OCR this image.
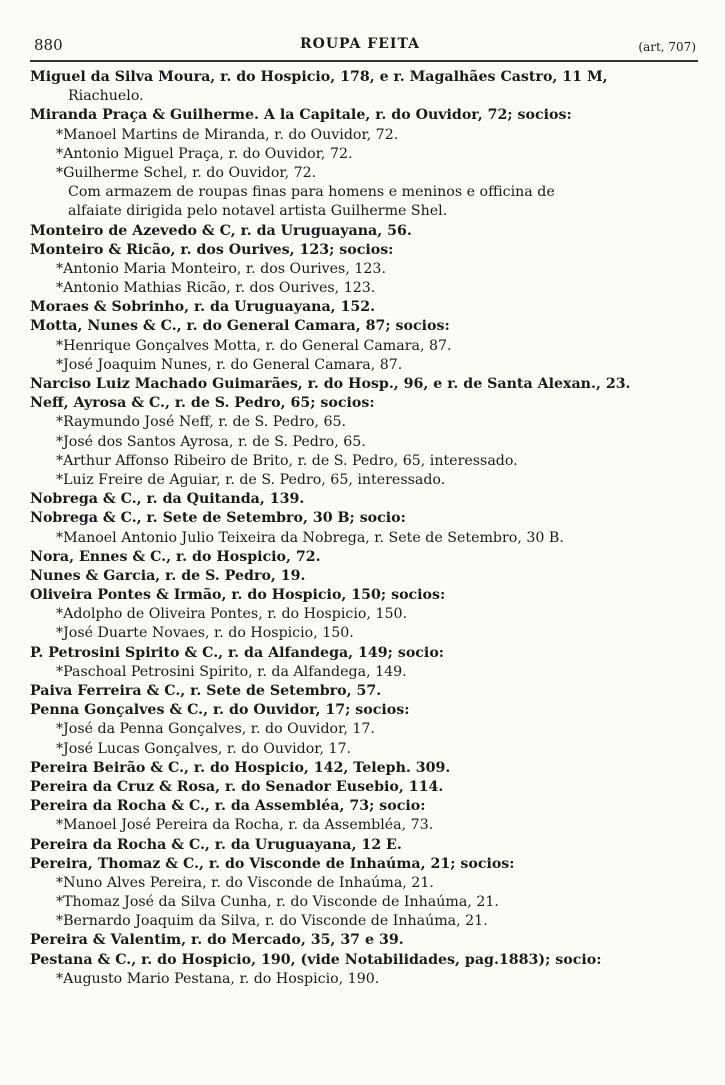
880	ROUPA FEITA	(art, 707)
Miguel da Silva Moura, r. do Hospicio, 178, e r. Magalhães Castro, 11 M,
Riachuelo.
Miranda Praça & Guilherme. A la Capitale, r. do Ouvidor, 72; socios:
*Manoel Martins de Miranda, r. do Ouvidor, 72.
*Antonio Miguel Praça, r. do Ouvidor, 72.
*Guilherme Schel, r. do Ouvidor, 72.
Com armazem de roupas finas para homens e meninos e officina de
alfaiate dirigida pelo notavel artista Guilherme Shel.
Monteiro de Azevedo & C, r. da Uruguayana, 56.
Monteiro & Ricão, r. dos Ourives, 123; socios:
*Antonio Maria Monteiro, r. dos Ourives, 123.
*Antonio Mathias Ricão, r. dos Ourives, 123.
Moraes & Sobrinho, r. da Uruguayana, 152.
Motta, Nunes & C., r. do General Camara, 87; socios:
*Henrique Gonçalves Motta, r. do General Camara, 87.
*José Joaquim Nunes, r. do General Camara, 87.
Narciso Luiz Machado Guimarães, r. do Hosp., 96, e r. de Santa Alexan., 23.
Neff, Ayrosa & C., r. de S. Pedro, 65; socios:
*Raymundo José Neff, r. de S. Pedro, 65.
*José dos Santos Ayrosa, r. de S. Pedro, 65.
*Arthur Affonso Ribeiro de Brito, r. de S. Pedro, 65, interessado.
*Luiz Freire de Aguiar, r. de S. Pedro, 65, interessado.
Nobrega & C., r. da Quitanda, 139.
Nobrega & C., r. Sete de Setembro, 30 B; socio:
*Manoel Antonio Julio Teixeira da Nobrega, r. Sete de Setembro, 30 B.
Nora, Ennes & C., r. do Hospicio, 72.
Nunes & Garcia, r. de S. Pedro, 19.
Oliveira Pontes & Irmão, r. do Hospicio, 150; socios:
*Adolpho de Oliveira Pontes, r. do Hospicio, 150.
*José Duarte Novaes, r. do Hospicio, 150.
P. Petrosini Spirito & C., r. da Alfandega, 149; socio:
*Paschoal Petrosini Spirito, r. da Alfandega, 149.
Paiva Ferreira & C., r. Sete de Setembro, 57.
Penna Gonçalves & C., r. do Ouvidor, 17; socios:
*José da Penna Gonçalves, r. do Ouvidor, 17.
*José Lucas Gonçalves, r. do Ouvidor, 17.
Pereira Beirão & C., r. do Hospicio, 142, Teleph. 309.
Pereira da Cruz & Rosa, r. do Senador Eusebio, 114.
Pereira da Rocha & C., r. da Assembléa, 73; socio:
*Manoel José Pereira da Rocha, r. da Assembléa, 73.
Pereira da Rocha & C., r. da Uruguayana, 12 E.
Pereira, Thomaz & C., r. do Visconde de Inhaúma, 21; socios:
*Nuno Alves Pereira, r. do Visconde de Inhaúma, 21.
*Thomaz José da Silva Cunha, r. do Visconde de Inhaúma, 21.
*Bernardo Joaquim da Silva, r. do Visconde de Inhaúma, 21.
Pereira & Valentim, r. do Mercado, 35, 37 e 39.
Pestana & C., r. do Hospicio, 190, (vide Notabilidades, pag.1883); socio:
*Augusto Mario Pestana, r. do Hospicio, 190.
